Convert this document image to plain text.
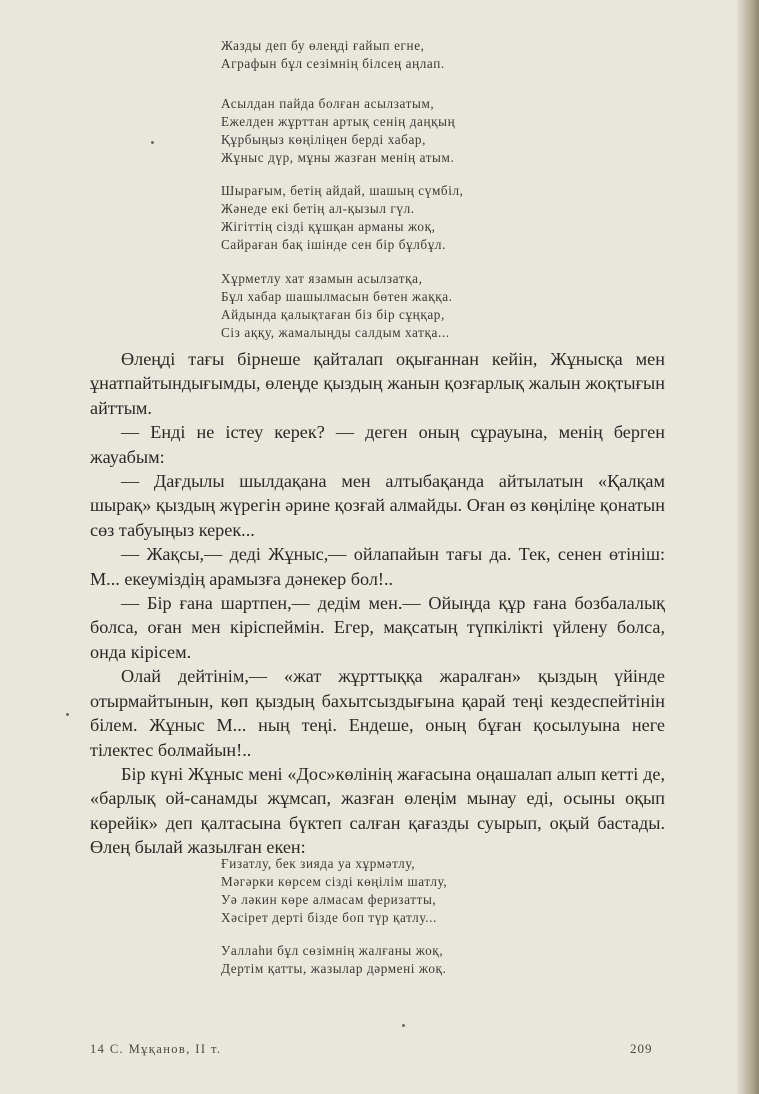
Жазды деп бу өлеңді ғайып егне,
Аграфын бұл сезімнің білсең аңлап.
Асылдан пайда болған асылзатым,
Ежелден жұрттан артық сенің даңқың
Құрбыңыз көңіліңен берді хабар,
Жұныс дүр, мұны жазған менің атым.
Шырағым, бетің айдай, шашың сүмбіл,
Жәнеде екі бетің ал-қызыл гүл.
Жігіттің сізді құшқан арманы жоқ,
Сайраған бақ ішінде сен бір бұлбұл.
Хұрметлу хат язамын асылзатқа,
Бұл хабар шашылмасын бөтен жаққа.
Айдында қалықтаған біз бір сұңқар,
Сіз аққу, жамалыңды салдым хатқа...

Өлеңді тағы бірнеше қайталап оқығаннан кейін, Жұнысқа мен ұнатпайтындығымды, өлеңде қыздың жанын қозғарлық жалын жоқтығын айттым.

— Енді не істеу керек? — деген оның сұрауына, менің берген жауабым:

— Дағдылы шылдақана мен алтыбақанда айтылатын «Қалқам шырақ» қыздың жүрегін әрине қозғай алмайды. Оған өз көңіліңе қонатын сөз табуыңыз керек...

— Жақсы,— деді Жұныс,— ойлапайын тағы да. Тек, сенен өтініш: М... екеуміздің арамызға дәнекер бол!..

— Бір ғана шартпен,— дедім мен.— Ойыңда құр ғана бозбалалық болса, оған мен кіріспеймін. Егер, мақсатың түпкілікті үйлену болса, онда кірісем.

Олай дейтінім,— «жат жұрттыққа жаралған» қыздың үйінде отырмайтынын, көп қыздың бахытсыздығына қарай теңі кездеспейтінін білем. Жұныс М... ның теңі. Ендеше, оның бұған қосылуына неге тілектес болмайын!..

Бір күні Жұныс мені «Дос»көлінің жағасына оңашалап алып кетті де, «барлық ой-санамды жұмсап, жазған өлеңім мынау еді, осыны оқып көрейік» деп қалтасына бүктеп салған қағазды суырып, оқый бастады. Өлең былай жазылған екен:

Ғизатлу, бек зияда уа хұрмәтлу,
Мәгәрки көрсем сізді көңілім шатлу,
Уә ләкин көре алмасам феризатты,
Хәсірет дерті бізде боп түр қатлу...
Уаллаһи бұл сөзімнің жалғаны жоқ,
Дертім қатты, жазылар дәрмені жоқ.
14 С. Мұқанов, II т.	209
